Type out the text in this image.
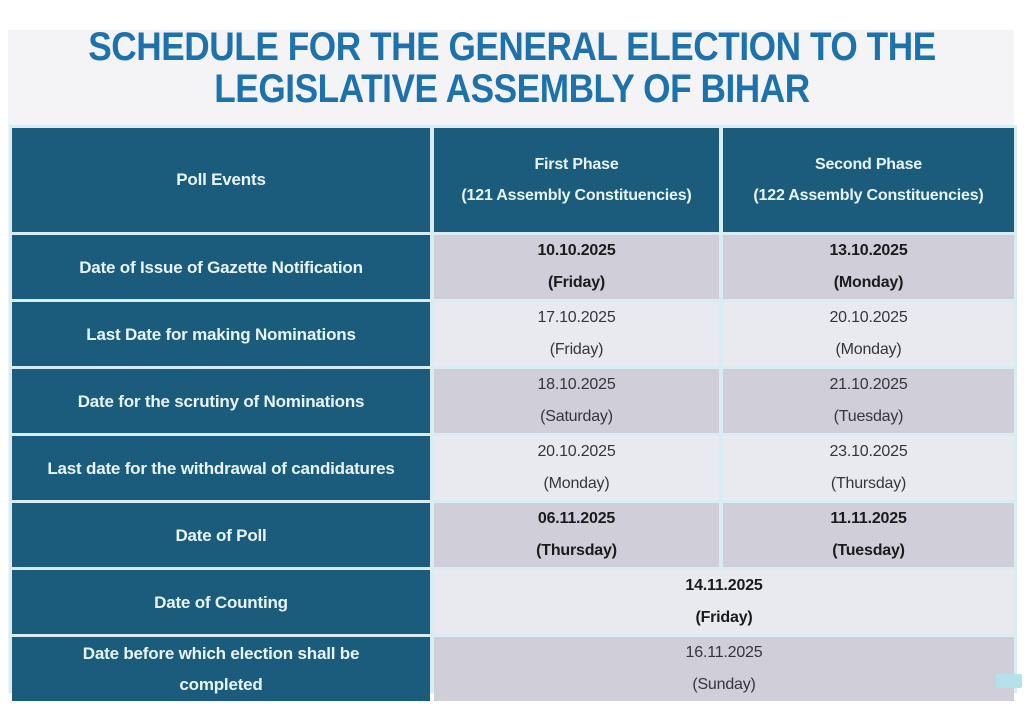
SCHEDULE FOR THE GENERAL ELECTION TO THE
LEGISLATIVE ASSEMBLY OF BIHAR
Poll Events
First Phase
(121 Assembly Constituencies)
Second Phase
(122 Assembly Constituencies)
Date of Issue of Gazette Notification
10.10.2025
(Friday)
13.10.2025
(Monday)
Last Date for making Nominations
17.10.2025
(Friday)
20.10.2025
(Monday)
Date for the scrutiny of Nominations
18.10.2025
(Saturday)
21.10.2025
(Tuesday)
Last date for the withdrawal of candidatures
20.10.2025
(Monday)
23.10.2025
(Thursday)
Date of Poll
06.11.2025
(Thursday)
11.11.2025
(Tuesday)
Date of Counting
14.11.2025
(Friday)
Date before which election shall be completed
16.11.2025
(Sunday)
